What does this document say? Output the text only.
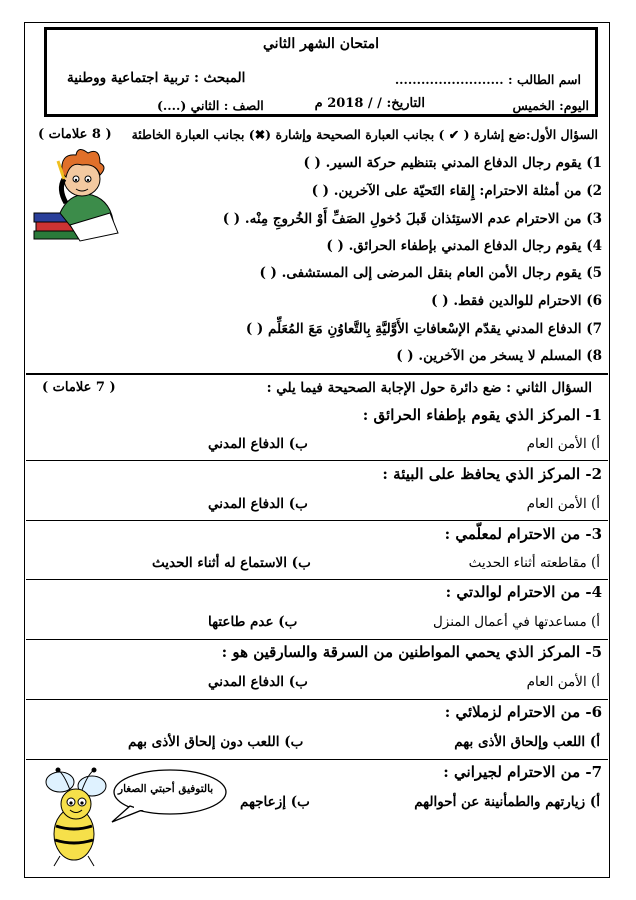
امتحان الشهر الثاني
اسم الطالب : .........................
المبحث : تربية اجتماعية ووطنية
اليوم: الخميس
التاريخ: / / 2018 م
الصف : الثاني (....)
السؤال الأول:ضع إشارة ( ✔ ) بجانب العبارة الصحيحة وإشارة (✖) بجانب العبارة الخاطئة
( 8 علامات )
1) يقوم رجال الدفاع المدني بتنظيم حركة السير. ( )
2) من أمثلة الاحترام: إِلقاء التَحيّة على الآخرين. ( )
3) من الاحترام عدم الاستِئذان قَبلَ دُخولِ الصَفِّ أَوْ الخُروجِ مِنْه. ( )
4) يقوم رجال الدفاع المدني بإطفاء الحرائق. ( )
5) يقوم رجال الأمن العام بنقل المرضى إلى المستشفى. ( )
6) الاحترام للوالدين فقط. ( )
7) الدفاع المدني يقدّم الإسْعافاتِ الأَوَّليَّةِ بِالتَّعاوُنِ مَعَ المُعَلِّم ( )
8) المسلم لا يسخر من الآخرين. ( )
السؤال الثاني : ضع دائرة حول الإجابة الصحيحة فيما يلي :
( 7 علامات )
1- المركز الذي يقوم بإطفاء الحرائق :
أ) الأمن العام
ب) الدفاع المدني
2- المركز الذي يحافظ على البيئة :
أ) الأمن العام
ب) الدفاع المدني
3- من الاحترام لمعلّمي :
أ) مقاطعته أثناء الحديث
ب) الاستماع له أثناء الحديث
4- من الاحترام لوالدتي :
أ) مساعدتها في أعمال المنزل
ب) عدم طاعتها
5- المركز الذي يحمي المواطنين من السرقة والسارقين هو :
أ) الأمن العام
ب) الدفاع المدني
6- من الاحترام لزملائي :
أ) اللعب وإلحاق الأذى بهم
ب) اللعب دون إلحاق الأذى بهم
7- من الاحترام لجيراني :
أ) زيارتهم والطمأنينة عن أحوالهم
ب) إزعاجهم
بالتوفيق أحبتي الصغار
